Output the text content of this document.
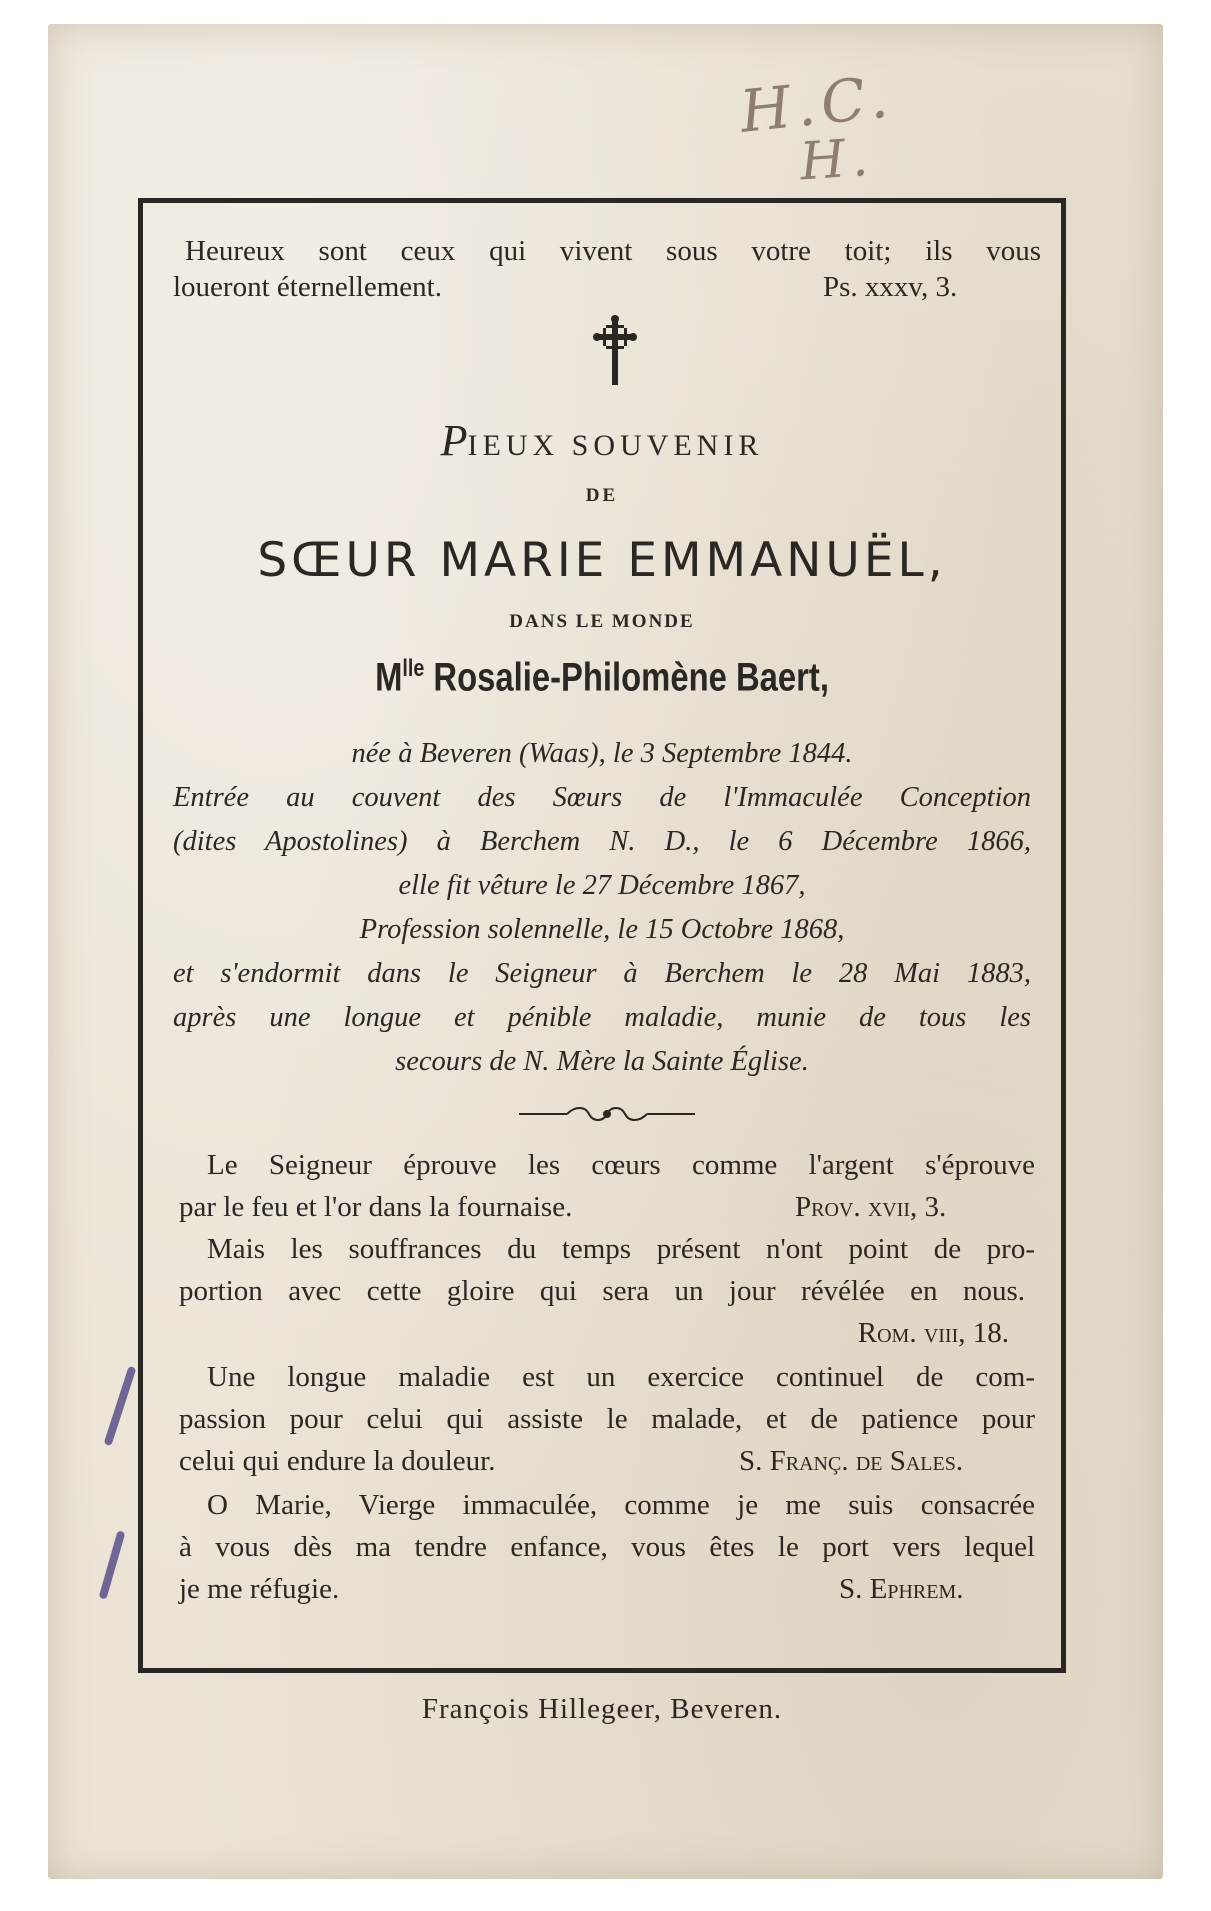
H.C.
H.
Heureux sont ceux qui vivent sous votre toit; ils vous
loueront éternellement.	Ps. xxxv, 3.
PIEUX SOUVENIR
DE
SŒUR MARIE EMMANUËL,
DANS LE MONDE
$M^{lle}$ Rosalie-Philomène Baert,
née à Beveren (Waas), le 3 Septembre 1844.
Entrée au couvent des Sœurs de l'Immaculée Conception
(dites Apostolines) à Berchem N. D., le 6 Décembre 1866,
elle fit vêture le 27 Décembre 1867,
Profession solennelle, le 15 Octobre 1868,
et s'endormit dans le Seigneur à Berchem le 28 Mai 1883,
après une longue et pénible maladie, munie de tous les
secours de N. Mère la Sainte Église.
Le Seigneur éprouve les cœurs comme l'argent s'éprouve
par le feu et l'or dans la fournaise.	Prov. xvii, 3.
Mais les souffrances du temps présent n'ont point de pro-
portion avec cette gloire qui sera un jour révélée en nous.
Rom. viii, 18.
Une longue maladie est un exercice continuel de com-
passion pour celui qui assiste le malade, et de patience pour
celui qui endure la douleur.	S. Franç. de Sales.
O Marie, Vierge immaculée, comme je me suis consacrée
à vous dès ma tendre enfance, vous êtes le port vers lequel
je me réfugie.	S. Ephrem.
François Hillegeer, Beveren.
